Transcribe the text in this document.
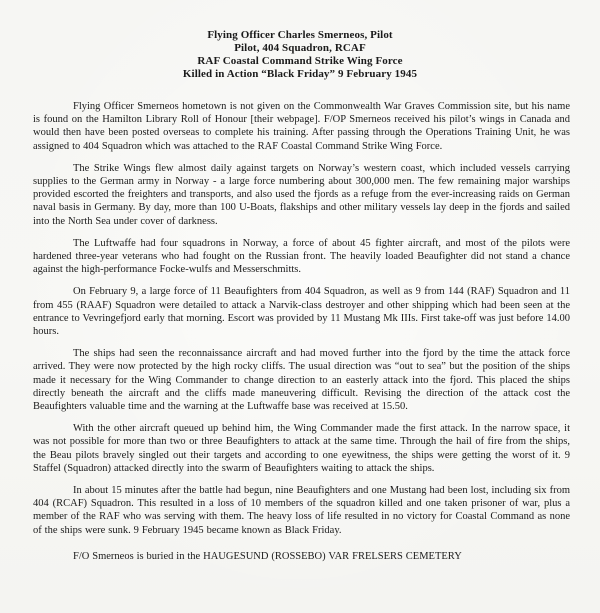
Flying Officer Charles Smerneos, Pilot
Pilot, 404 Squadron, RCAF
RAF Coastal Command Strike Wing Force
Killed in Action “Black Friday” 9 February 1945

Flying Officer Smerneos hometown is not given on the Commonwealth War Graves Commission site, but his name is found on the Hamilton Library Roll of Honour [their webpage]. F/OP Smerneos received his pilot’s wings in Canada and would then have been posted overseas to complete his training. After passing through the Operations Training Unit, he was assigned to 404 Squadron which was attached to the RAF Coastal Command Strike Wing Force.

The Strike Wings flew almost daily against targets on Norway’s western coast, which included vessels carrying supplies to the German army in Norway - a large force numbering about 300,000 men. The few remaining major warships provided escorted the freighters and transports, and also used the fjords as a refuge from the ever-increasing raids on German naval basis in Germany. By day, more than 100 U-Boats, flakships and other military vessels lay deep in the fjords and sailed into the North Sea under cover of darkness.

The Luftwaffe had four squadrons in Norway, a force of about 45 fighter aircraft, and most of the pilots were hardened three-year veterans who had fought on the Russian front. The heavily loaded Beaufighter did not stand a chance against the high-performance Focke-wulfs and Messerschmitts.

On February 9, a large force of 11 Beaufighters from 404 Squadron, as well as 9 from 144 (RAF) Squadron and 11 from 455 (RAAF) Squadron were detailed to attack a Narvik-class destroyer and other shipping which had been seen at the entrance to Vevringefjord early that morning. Escort was provided by 11 Mustang Mk IIIs. First take-off was just before 14.00 hours.

The ships had seen the reconnaissance aircraft and had moved further into the fjord by the time the attack force arrived. They were now protected by the high rocky cliffs. The usual direction was “out to sea” but the position of the ships made it necessary for the Wing Commander to change direction to an easterly attack into the fjord. This placed the ships directly beneath the aircraft and the cliffs made maneuvering difficult. Revising the direction of the attack cost the Beaufighters valuable time and the warning at the Luftwaffe base was received at 15.50.

With the other aircraft queued up behind him, the Wing Commander made the first attack. In the narrow space, it was not possible for more than two or three Beaufighters to attack at the same time. Through the hail of fire from the ships, the Beau pilots bravely singled out their targets and according to one eyewitness, the ships were getting the worst of it. 9 Staffel (Squadron) attacked directly into the swarm of Beaufighters waiting to attack the ships.

In about 15 minutes after the battle had begun, nine Beaufighters and one Mustang had been lost, including six from 404 (RCAF) Squadron. This resulted in a loss of 10 members of the squadron killed and one taken prisoner of war, plus a member of the RAF who was serving with them. The heavy loss of life resulted in no victory for Coastal Command as none of the ships were sunk. 9 February 1945 became known as Black Friday.

F/O Smerneos is buried in the HAUGESUND (ROSSEBO) VAR FRELSERS CEMETERY
